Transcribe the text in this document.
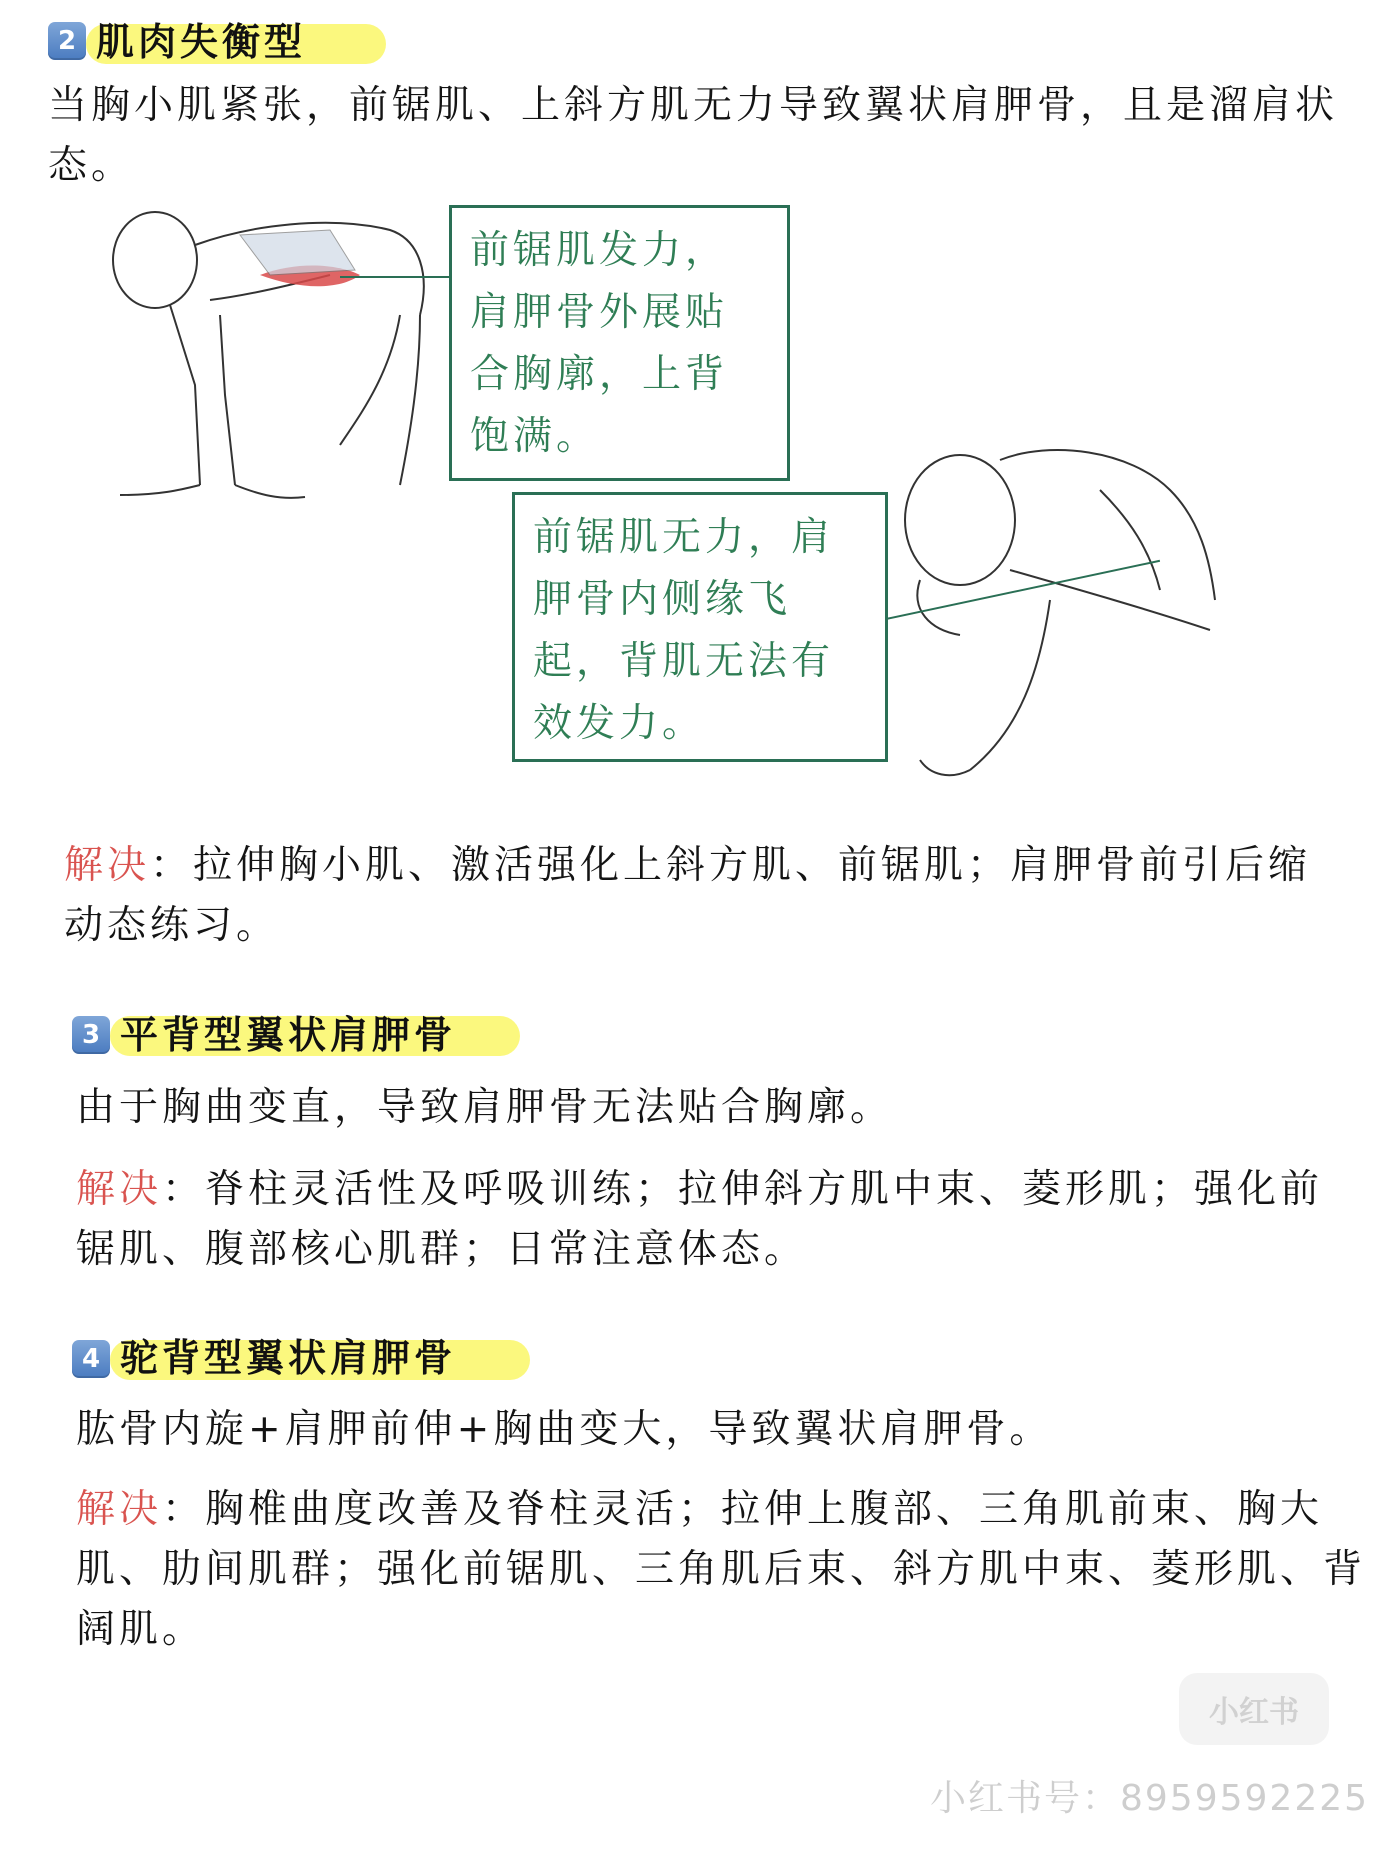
2 肌肉失衡型

当胸小肌紧张，前锯肌、上斜方肌无力导致翼状肩胛骨，且是溜肩状态。

前锯肌发力，肩胛骨外展贴合胸廓，上背饱满。
前锯肌无力，肩胛骨内侧缘飞起，背肌无法有效发力。

解决：拉伸胸小肌、激活强化上斜方肌、前锯肌；肩胛骨前引后缩动态练习。

3 平背型翼状肩胛骨

由于胸曲变直，导致肩胛骨无法贴合胸廓。

解决：脊柱灵活性及呼吸训练；拉伸斜方肌中束、菱形肌；强化前锯肌、腹部核心肌群；日常注意体态。

4 驼背型翼状肩胛骨

肱骨内旋+肩胛前伸+胸曲变大，导致翼状肩胛骨。

解决：胸椎曲度改善及脊柱灵活；拉伸上腹部、三角肌前束、胸大肌、肋间肌群；强化前锯肌、三角肌后束、斜方肌中束、菱形肌、背阔肌。

小红书
小红书号：8959592225
